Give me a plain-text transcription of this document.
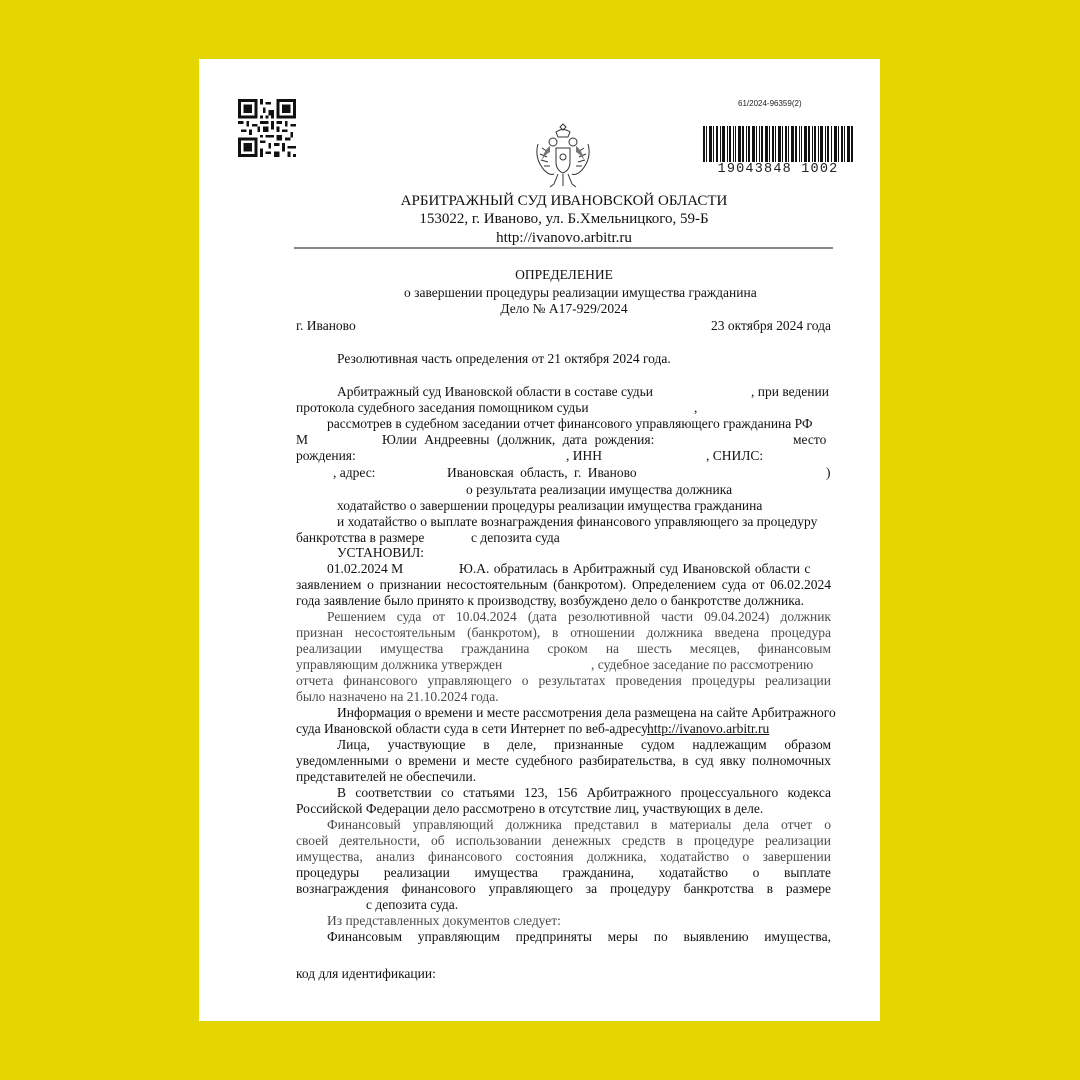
61/2024-96359(2)
19043848 1002
АРБИТРАЖНЫЙ СУД ИВАНОВСКОЙ ОБЛАСТИ
153022, г. Иваново, ул. Б.Хмельницкого, 59-Б
http://ivanovo.arbitr.ru
ОПРЕДЕЛЕНИЕ
о завершении процедуры реализации имущества гражданина
Дело № А17-929/2024
г. Иваново	23 октября 2024 года
Резолютивная часть определения от 21 октября 2024 года.
Арбитражный суд Ивановской области в составе судьи	, при ведении
протокола судебного заседания помощником судьи	,
рассмотрев в судебном заседании отчет финансового управляющего гражданина РФ
М	Юлии Андреевны (должник, дата рождения:	место
рождения:	, ИНН	, СНИЛС:
, адрес:	Ивановская область, г. Иваново	)
о результата реализации имущества должника
ходатайство о завершении процедуры реализации имущества гражданина
и ходатайство о выплате вознаграждения финансового управляющего за процедуру
банкротства в размере	с депозита суда
УСТАНОВИЛ:
01.02.2024 М	Ю.А. обратилась в Арбитражный суд Ивановской области с
заявлением о признании несостоятельным (банкротом). Определением суда от 06.02.2024
года заявление было принято к производству, возбуждено дело о банкротстве должника.
Решением суда от 10.04.2024 (дата резолютивной части 09.04.2024) должник
признан несостоятельным (банкротом), в отношении должника введена процедура
реализации имущества гражданина сроком на шесть месяцев, финансовым
управляющим должника утвержден	, судебное заседание по рассмотрению
отчета финансового управляющего о результатах проведения процедуры реализации
было назначено на 21.10.2024 года.
Информация о времени и месте рассмотрения дела размещена на сайте Арбитражного
суда Ивановской области суда в сети Интернет по веб-адресу http://ivanovo.arbitr.ru
Лица, участвующие в деле, признанные судом надлежащим образом
уведомленными о времени и месте судебного разбирательства, в суд явку полномочных
представителей не обеспечили.
В соответствии со статьями 123, 156 Арбитражного процессуального кодекса
Российской Федерации дело рассмотрено в отсутствие лиц, участвующих в деле.
Финансовый управляющий должника представил в материалы дела отчет о
своей деятельности, об использовании денежных средств в процедуре реализации
имущества, анализ финансового состояния должника, ходатайство о завершении
процедуры реализации имущества гражданина, ходатайство о выплате
вознаграждения финансового управляющего за процедуру банкротства в размере
с депозита суда.
Из представленных документов следует:
Финансовым управляющим предприняты меры по выявлению имущества,
код для идентификации:
